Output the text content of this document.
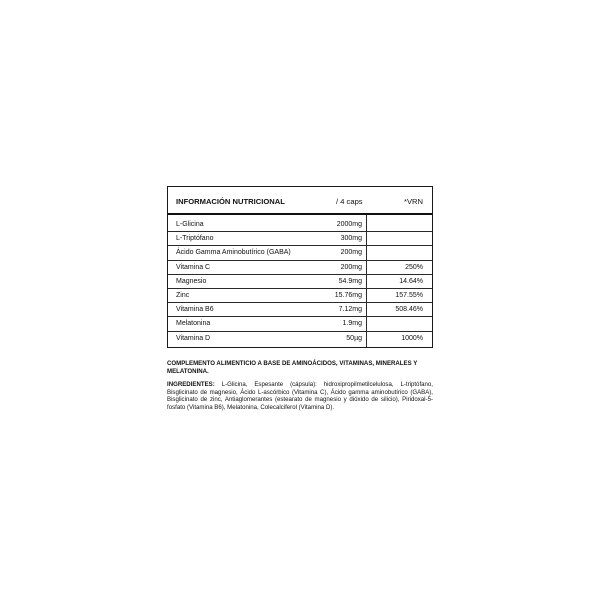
INFORMACIÓN NUTRICIONAL	/ 4 caps	*VRN
L-Glicina	2000mg
L-Triptófano	300mg
Ácido Gamma Aminobutírico (GABA)	200mg
Vitamina C	200mg	250%
Magnesio	54.9mg	14.64%
Zinc	15.76mg	157.55%
Vitamina B6	7.12mg	508.46%
Melatonina	1.9mg
Vitamina D	50µg	1000%
COMPLEMENTO ALIMENTICIO A BASE DE AMINOÁCIDOS, VITAMINAS, MINERALES Y MELATONINA.
INGREDIENTES: L-Glicina, Espesante (cápsula): hidroxipropilmetilcelulosa, L-triptófano, Bisglicinato de magnesio, Ácido L-ascórbico (Vitamina C), Ácido gamma aminobutírico (GABA), Bisglicinato de zinc, Antiaglomerantes (estearato de magnesio y dióxido de silicio), Piridoxal-5-fosfato (Vitamina B6), Melatonina, Colecalciferol (Vitamina D).
